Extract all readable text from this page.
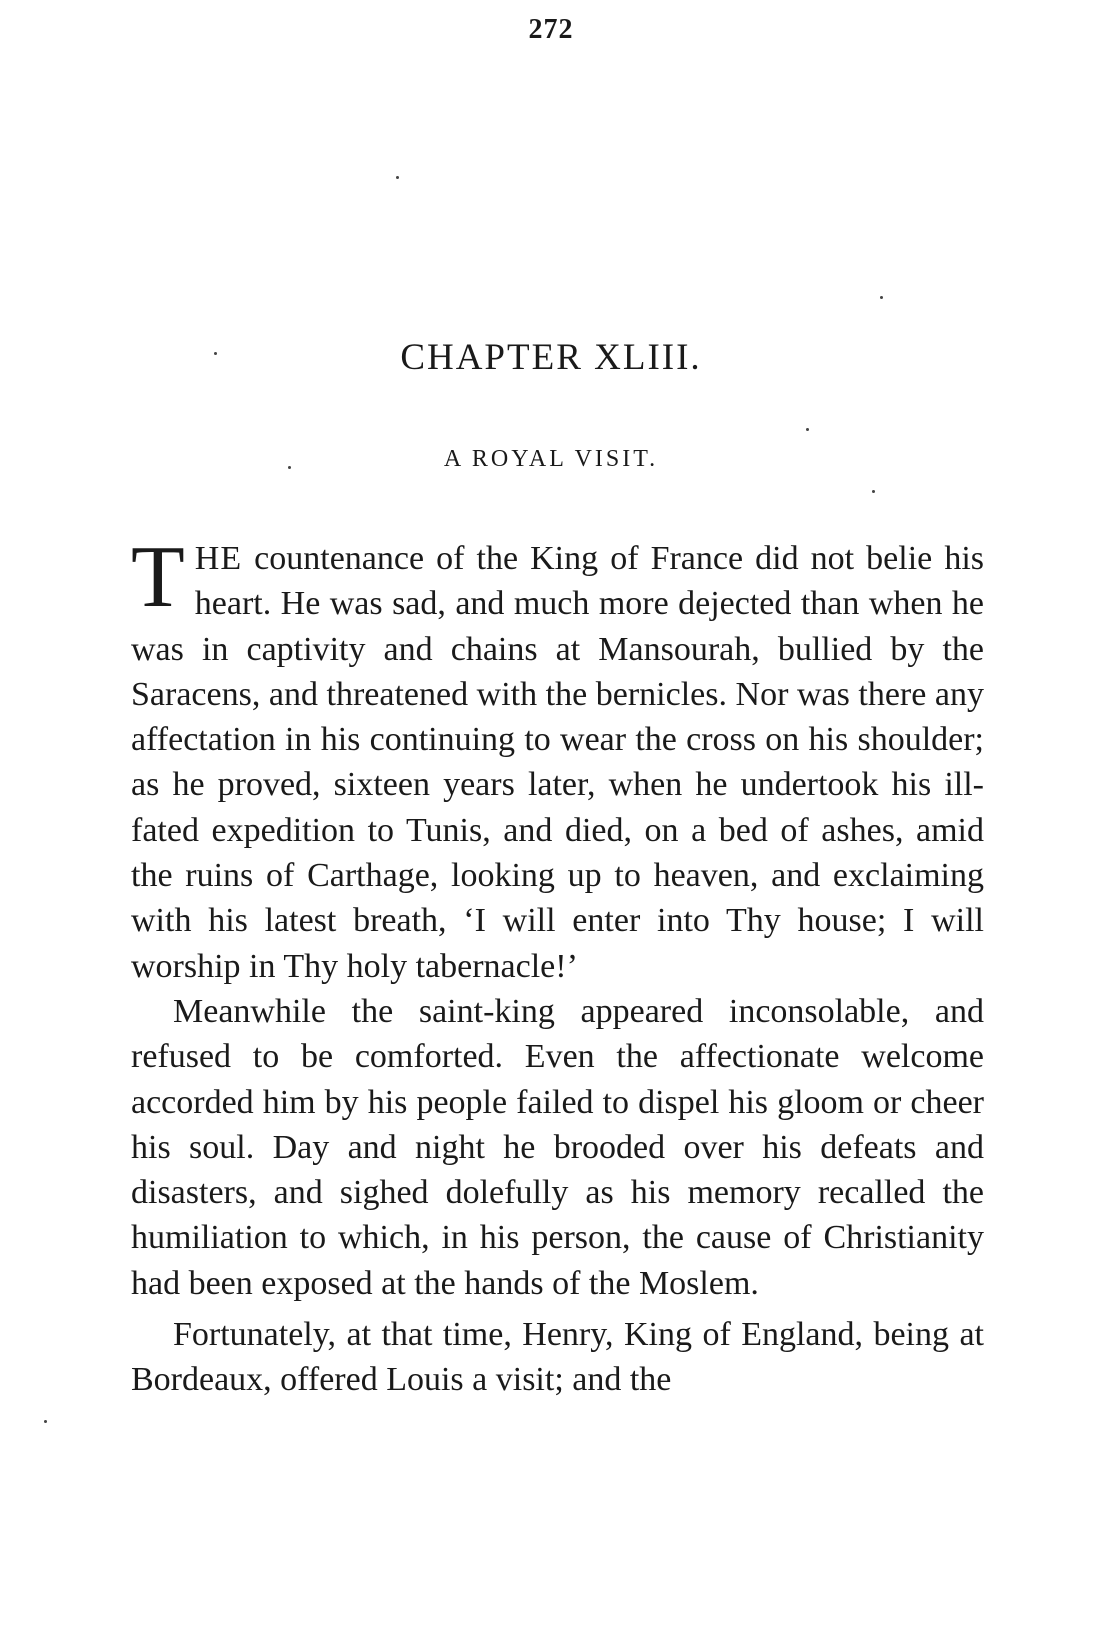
272
CHAPTER XLIII.
A ROYAL VISIT.

THE countenance of the King of France did not belie his heart. He was sad, and much more dejected than when he was in captivity and chains at Mansourah, bullied by the Saracens, and threatened with the bernicles. Nor was there any affectation in his continuing to wear the cross on his shoulder; as he proved, sixteen years later, when he undertook his ill-fated expedition to Tunis, and died, on a bed of ashes, amid the ruins of Carthage, looking up to heaven, and exclaiming with his latest breath, ‘I will enter into Thy house; I will worship in Thy holy tabernacle!’

Meanwhile the saint-king appeared inconsolable, and refused to be comforted. Even the affectionate welcome accorded him by his people failed to dispel his gloom or cheer his soul. Day and night he brooded over his defeats and disasters, and sighed dolefully as his memory recalled the humiliation to which, in his person, the cause of Christianity had been exposed at the hands of the Moslem.

Fortunately, at that time, Henry, King of England, being at Bordeaux, offered Louis a visit; and the
